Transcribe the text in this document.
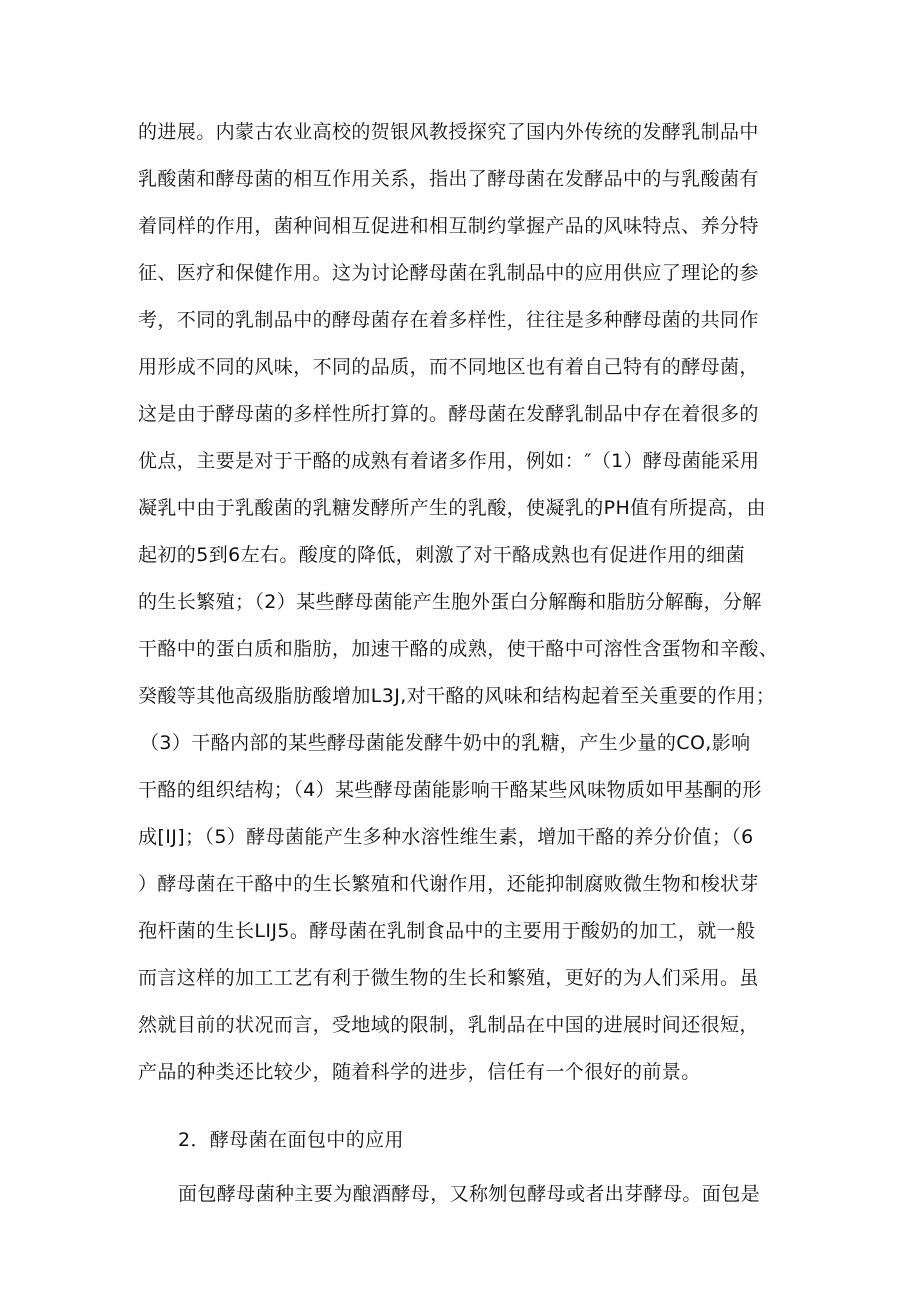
的进展。内蒙古农业高校的贺银风教授探究了国内外传统的发酵乳制品中
乳酸菌和酵母菌的相互作用关系，指出了酵母菌在发酵品中的与乳酸菌有
着同样的作用，菌种间相互促进和相互制约掌握产品的风味特点、养分特
征、医疗和保健作用。这为讨论酵母菌在乳制品中的应用供应了理论的参
考，不同的乳制品中的酵母菌存在着多样性，往往是多种酵母菌的共同作
用形成不同的风味，不同的品质，而不同地区也有着自己特有的酵母菌，
这是由于酵母菌的多样性所打算的。酵母菌在发酵乳制品中存在着很多的
优点，主要是对于干酪的成熟有着诸多作用，例如：″（1）酵母菌能采用
凝乳中由于乳酸菌的乳糖发酵所产生的乳酸，使凝乳的PH值有所提高，由
起初的5到6左右。酸度的降低，刺激了对干酪成熟也有促进作用的细菌
的生长繁殖；（2）某些酵母菌能产生胞外蛋白分解酶和脂肪分解酶，分解
干酪中的蛋白质和脂肪，加速干酪的成熟，使干酪中可溶性含蛋物和辛酸、
癸酸等其他高级脂肪酸增加L3J,对干酪的风味和结构起着至关重要的作用；
（3）干酪内部的某些酵母菌能发酵牛奶中的乳糖，产生少量的CO,影响
干酪的组织结构；（4）某些酵母菌能影响干酪某些风味物质如甲基酮的形
成[IJ]；（5）酵母菌能产生多种水溶性维生素，增加干酪的养分价值；（6
）酵母菌在干酪中的生长繁殖和代谢作用，还能抑制腐败微生物和梭状芽
孢杆菌的生长LIJ5。酵母菌在乳制食品中的主要用于酸奶的加工，就一般
而言这样的加工工艺有利于微生物的生长和繁殖，更好的为人们采用。虽
然就目前的状况而言，受地域的限制，乳制品在中国的进展时间还很短，
产品的种类还比较少，随着科学的进步，信任有一个很好的前景。
2．酵母菌在面包中的应用
面包酵母菌种主要为酿酒酵母，又称刎包酵母或者出芽酵母。面包是
